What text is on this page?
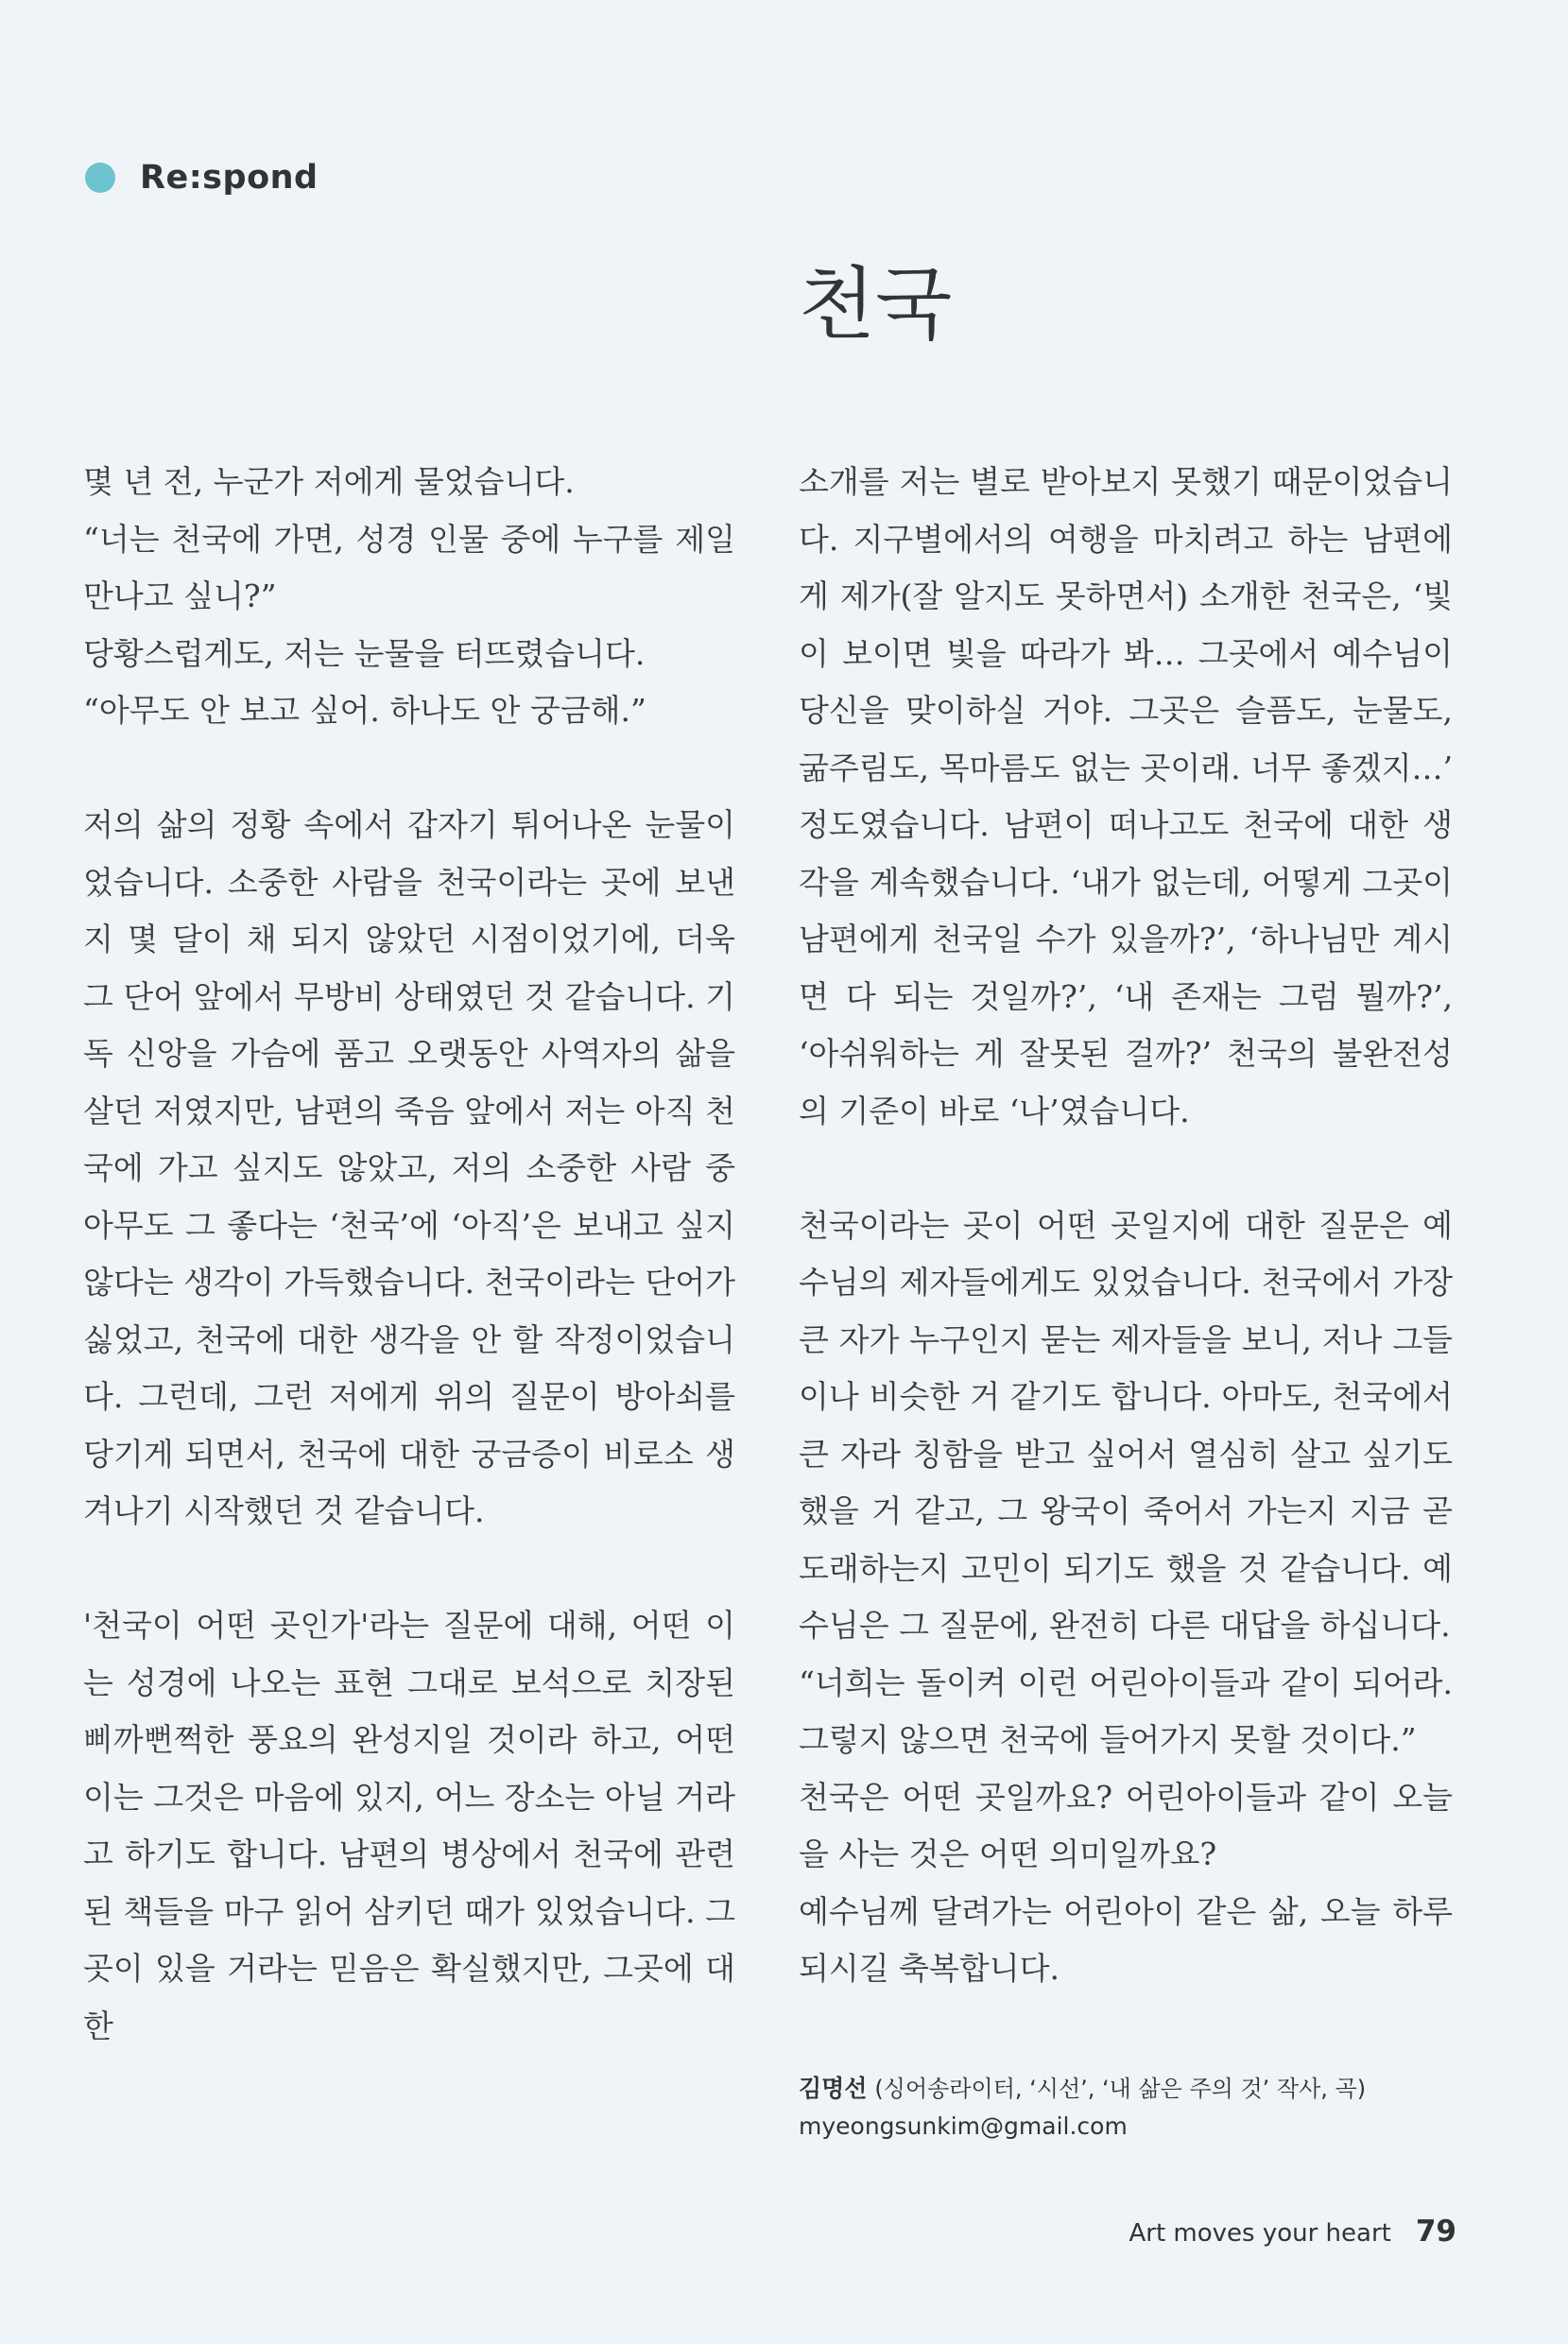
Re:spond
천국

몇 년 전, 누군가 저에게 물었습니다.
“너는 천국에 가면, 성경 인물 중에 누구를 제일 만나고 싶니?”
당황스럽게도, 저는 눈물을 터뜨렸습니다.
“아무도 안 보고 싶어. 하나도 안 궁금해.”

저의 삶의 정황 속에서 갑자기 튀어나온 눈물이었습니다. 소중한 사람을 천국이라는 곳에 보낸 지 몇 달이 채 되지 않았던 시점이었기에, 더욱 그 단어 앞에서 무방비 상태였던 것 같습니다. 기독 신앙을 가슴에 품고 오랫동안 사역자의 삶을 살던 저였지만, 남편의 죽음 앞에서 저는 아직 천국에 가고 싶지도 않았고, 저의 소중한 사람 중 아무도 그 좋다는 ‘천국’에 ‘아직’은 보내고 싶지 않다는 생각이 가득했습니다. 천국이라는 단어가 싫었고, 천국에 대한 생각을 안 할 작정이었습니다. 그런데, 그런 저에게 위의 질문이 방아쇠를 당기게 되면서, 천국에 대한 궁금증이 비로소 생겨나기 시작했던 것 같습니다.

'천국이 어떤 곳인가'라는 질문에 대해, 어떤 이는 성경에 나오는 표현 그대로 보석으로 치장된 삐까뻔쩍한 풍요의 완성지일 것이라 하고, 어떤 이는 그것은 마음에 있지, 어느 장소는 아닐 거라고 하기도 합니다. 남편의 병상에서 천국에 관련된 책들을 마구 읽어 삼키던 때가 있었습니다. 그곳이 있을 거라는 믿음은 확실했지만, 그곳에 대한

소개를 저는 별로 받아보지 못했기 때문이었습니다. 지구별에서의 여행을 마치려고 하는 남편에게 제가(잘 알지도 못하면서) 소개한 천국은, ‘빛이 보이면 빛을 따라가 봐… 그곳에서 예수님이 당신을 맞이하실 거야. 그곳은 슬픔도, 눈물도, 굶주림도, 목마름도 없는 곳이래. 너무 좋겠지…’ 정도였습니다. 남편이 떠나고도 천국에 대한 생각을 계속했습니다. ‘내가 없는데, 어떻게 그곳이 남편에게 천국일 수가 있을까?’, ‘하나님만 계시면 다 되는 것일까?’, ‘내 존재는 그럼 뭘까?’, ‘아쉬워하는 게 잘못된 걸까?’ 천국의 불완전성의 기준이 바로 ‘나’였습니다.

천국이라는 곳이 어떤 곳일지에 대한 질문은 예수님의 제자들에게도 있었습니다. 천국에서 가장 큰 자가 누구인지 묻는 제자들을 보니, 저나 그들이나 비슷한 거 같기도 합니다. 아마도, 천국에서 큰 자라 칭함을 받고 싶어서 열심히 살고 싶기도 했을 거 같고, 그 왕국이 죽어서 가는지 지금 곧 도래하는지 고민이 되기도 했을 것 같습니다. 예수님은 그 질문에, 완전히 다른 대답을 하십니다.
“너희는 돌이켜 이런 어린아이들과 같이 되어라. 그렇지 않으면 천국에 들어가지 못할 것이다.”
천국은 어떤 곳일까요? 어린아이들과 같이 오늘을 사는 것은 어떤 의미일까요?
예수님께 달려가는 어린아이 같은 삶, 오늘 하루 되시길 축복합니다.

김명선 (싱어송라이터, ‘시선’, ‘내 삶은 주의 것’ 작사, 곡)
myeongsunkim@gmail.com
Art moves your heart 79
